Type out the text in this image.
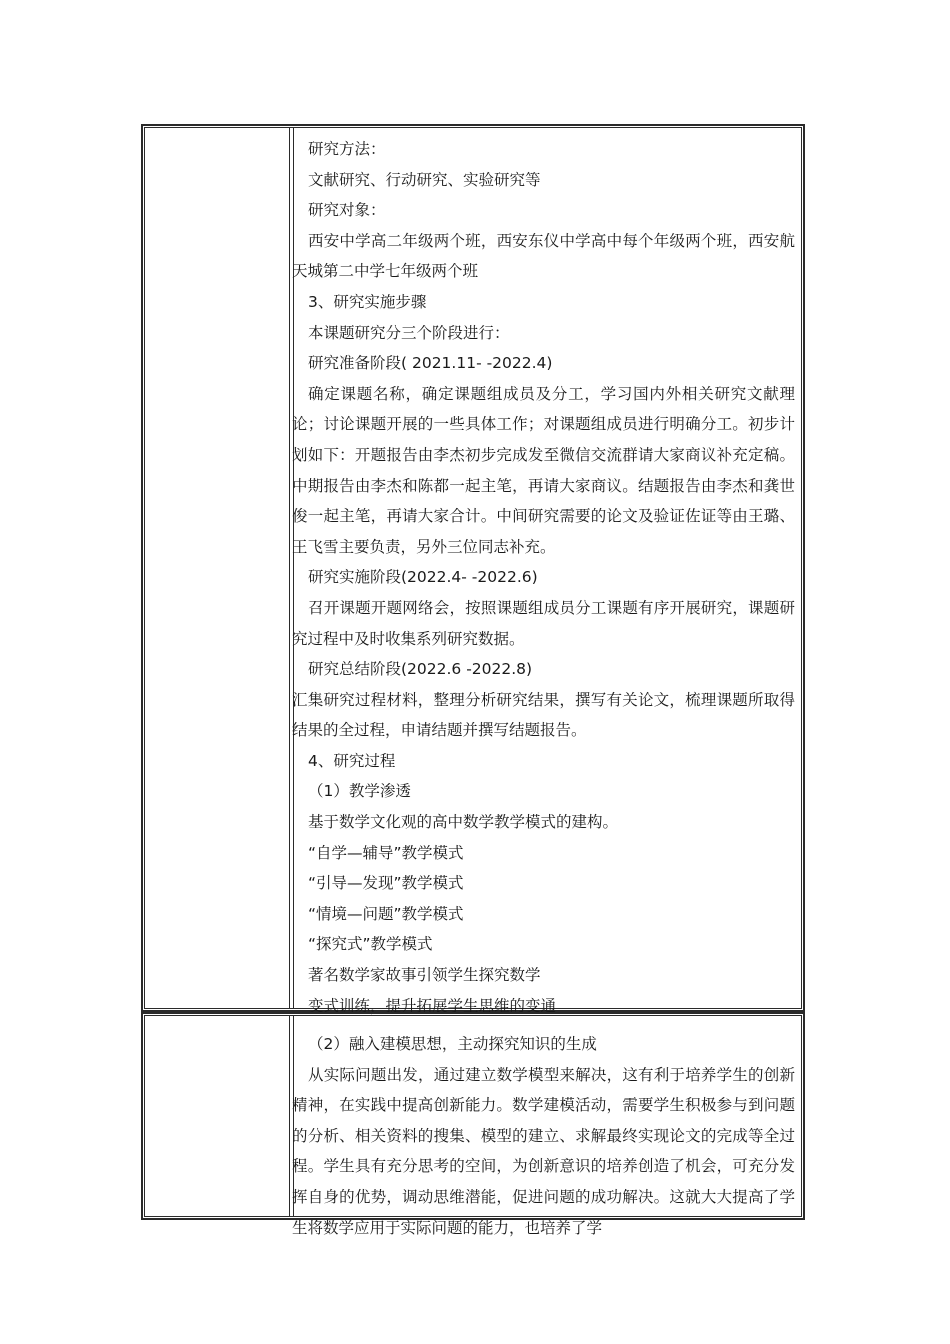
研究方法：

文献研究、行动研究、实验研究等

研究对象：

西安中学高二年级两个班，西安东仪中学高中每个年级两个班，西安航天城第二中学七年级两个班

3、研究实施步骤

本课题研究分三个阶段进行：

研究准备阶段( 2021.11- -2022.4)

确定课题名称，确定课题组成员及分工，学习国内外相关研究文献理论；讨论课题开展的一些具体工作；对课题组成员进行明确分工。初步计划如下：开题报告由李杰初步完成发至微信交流群请大家商议补充定稿。中期报告由李杰和陈都一起主笔，再请大家商议。结题报告由李杰和龚世俊一起主笔，再请大家合计。中间研究需要的论文及验证佐证等由王璐、王飞雪主要负责，另外三位同志补充。

研究实施阶段(2022.4- -2022.6)

召开课题开题网络会，按照课题组成员分工课题有序开展研究，课题研究过程中及时收集系列研究数据。

研究总结阶段(2022.6 -2022.8)

汇集研究过程材料，整理分析研究结果，撰写有关论文，梳理课题所取得结果的全过程，申请结题并撰写结题报告。

4、研究过程

（1）教学渗透

基于数学文化观的高中数学教学模式的建构。

“自学—辅导”教学模式

“引导—发现”教学模式

“情境—问题”教学模式

“探究式”教学模式

著名数学家故事引领学生探究数学

变式训练，提升拓展学生思维的变通

（2）融入建模思想，主动探究知识的生成

从实际问题出发，通过建立数学模型来解决，这有利于培养学生的创新精神，在实践中提高创新能力。数学建模活动，需要学生积极参与到问题的分析、相关资料的搜集、模型的建立、求解最终实现论文的完成等全过程。学生具有充分思考的空间，为创新意识的培养创造了机会，可充分发挥自身的优势，调动思维潜能，促进问题的成功解决。这就大大提高了学生将数学应用于实际问题的能力，也培养了学
